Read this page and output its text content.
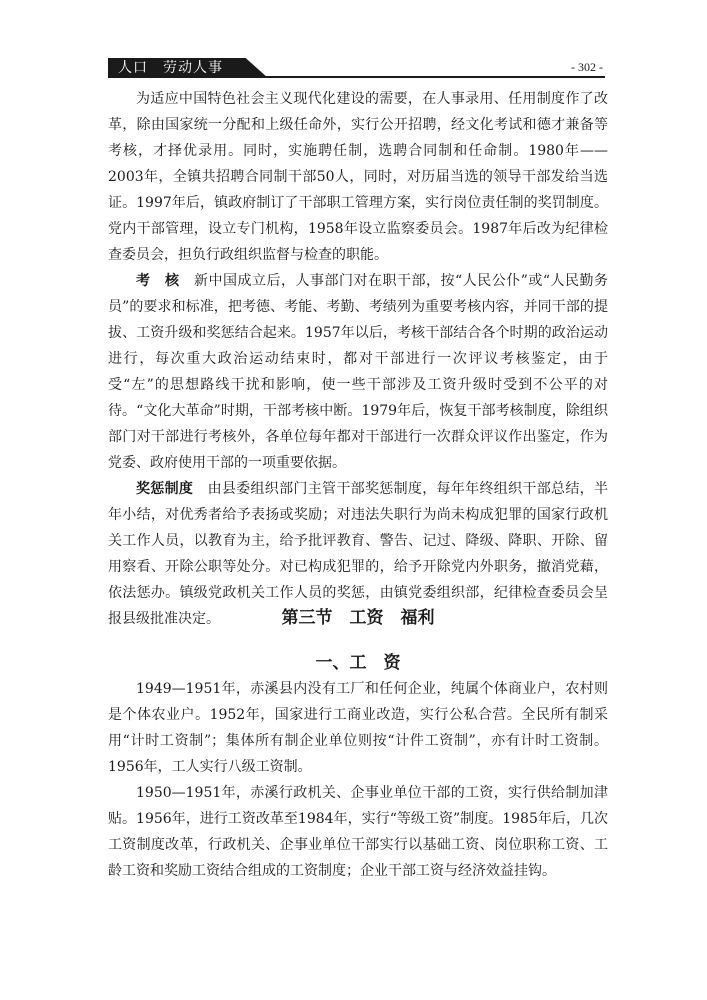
人口　劳动人事	- 302 -

为适应中国特色社会主义现代化建设的需要，在人事录用、任用制度作了改革，除由国家统一分配和上级任命外，实行公开招聘，经文化考试和德才兼备等考核，才择优录用。同时，实施聘任制，选聘合同制和任命制。1980年——2003年，全镇共招聘合同制干部50人，同时，对历届当选的领导干部发给当选证。1997年后，镇政府制订了干部职工管理方案，实行岗位责任制的奖罚制度。党内干部管理，设立专门机构，1958年设立监察委员会。1987年后改为纪律检查委员会，担负行政组织监督与检查的职能。

考　核　 新中国成立后，人事部门对在职干部，按“人民公仆”或“人民勤务员”的要求和标准，把考德、考能、考勤、考绩列为重要考核内容，并同干部的提拔、工资升级和奖惩结合起来。1957年以后，考核干部结合各个时期的政治运动进行，每次重大政治运动结束时，都对干部进行一次评议考核鉴定，由于受“左”的思想路线干扰和影响，使一些干部涉及工资升级时受到不公平的对待。“文化大革命”时期，干部考核中断。1979年后，恢复干部考核制度，除组织部门对干部进行考核外，各单位每年都对干部进行一次群众评议作出鉴定，作为党委、政府使用干部的一项重要依据。

奖惩制度　 由县委组织部门主管干部奖惩制度，每年年终组织干部总结，半年小结，对优秀者给予表扬或奖励；对违法失职行为尚未构成犯罪的国家行政机关工作人员，以教育为主，给予批评教育、警告、记过、降级、降职、开除、留用察看、开除公职等处分。对已构成犯罪的，给予开除党内外职务，撤消党藉，依法惩办。镇级党政机关工作人员的奖惩，由镇党委组织部，纪律检查委员会呈报县级批准决定。	第三节　工资　福利
一、工　资

1949—1951年，赤溪县内没有工厂和任何企业，纯属个体商业户，农村则是个体农业户。1952年，国家进行工商业改造，实行公私合营。全民所有制采用“计时工资制”；集体所有制企业单位则按“计件工资制”，亦有计时工资制。1956年，工人实行八级工资制。

1950—1951年，赤溪行政机关、企事业单位干部的工资，实行供给制加津贴。1956年，进行工资改革至1984年，实行“等级工资”制度。1985年后，几次工资制度改革，行政机关、企事业单位干部实行以基础工资、岗位职称工资、工龄工资和奖励工资结合组成的工资制度；企业干部工资与经济效益挂钩。
